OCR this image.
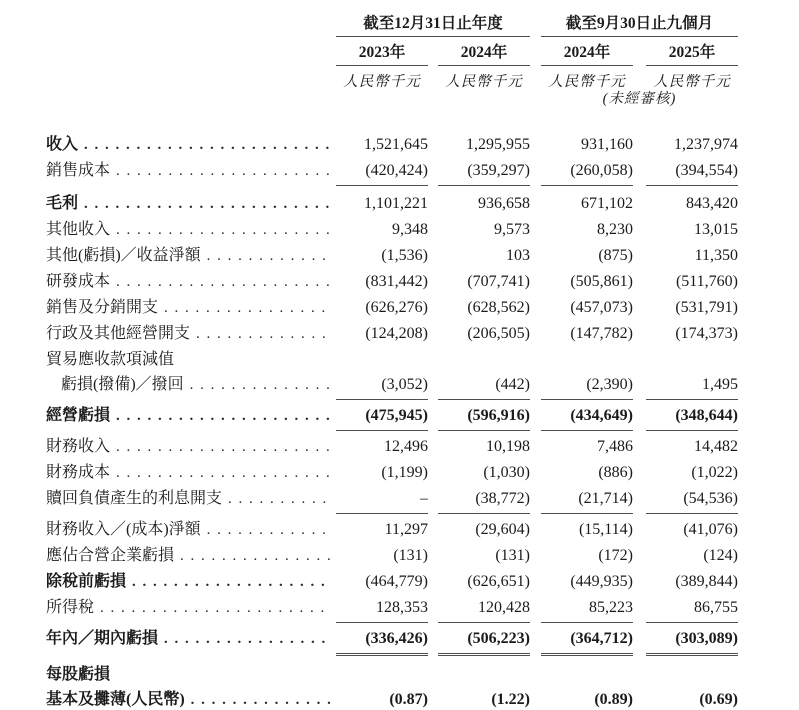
截至12月31日止年度	截至9月30日止九個月
2023年	2024年	2024年	2025年
人民幣千元	人民幣千元	人民幣千元	人民幣千元
(未經審核)
收入 . . .	1,521,645	1,295,955	931,160	1,237,974
銷售成本 . . .	(420,424)	(359,297)	(260,058)	(394,554)
毛利 . . .	1,101,221	936,658	671,102	843,420
其他收入 . . .	9,348	9,573	8,230	13,015
其他(虧損)／收益淨額 . . .	(1,536)	103	(875)	11,350
研發成本 . . .	(831,442)	(707,741)	(505,861)	(511,760)
銷售及分銷開支 . . .	(626,276)	(628,562)	(457,073)	(531,791)
行政及其他經營開支 . . .	(124,208)	(206,505)	(147,782)	(174,373)
貿易應收款項減值
虧損(撥備)／撥回 . . .	(3,052)	(442)	(2,390)	1,495
經營虧損 . . .	(475,945)	(596,916)	(434,649)	(348,644)
財務收入 . . .	12,496	10,198	7,486	14,482
財務成本 . . .	(1,199)	(1,030)	(886)	(1,022)
贖回負債產生的利息開支 . . .	–	(38,772)	(21,714)	(54,536)
財務收入／(成本)淨額 . . .	11,297	(29,604)	(15,114)	(41,076)
應佔合營企業虧損 . . .	(131)	(131)	(172)	(124)
除稅前虧損 . . .	(464,779)	(626,651)	(449,935)	(389,844)
所得稅 . . .	128,353	120,428	85,223	86,755
年內／期內虧損 . . .	(336,426)	(506,223)	(364,712)	(303,089)
每股虧損
基本及攤薄(人民幣) . . .	(0.87)	(1.22)	(0.89)	(0.69)
